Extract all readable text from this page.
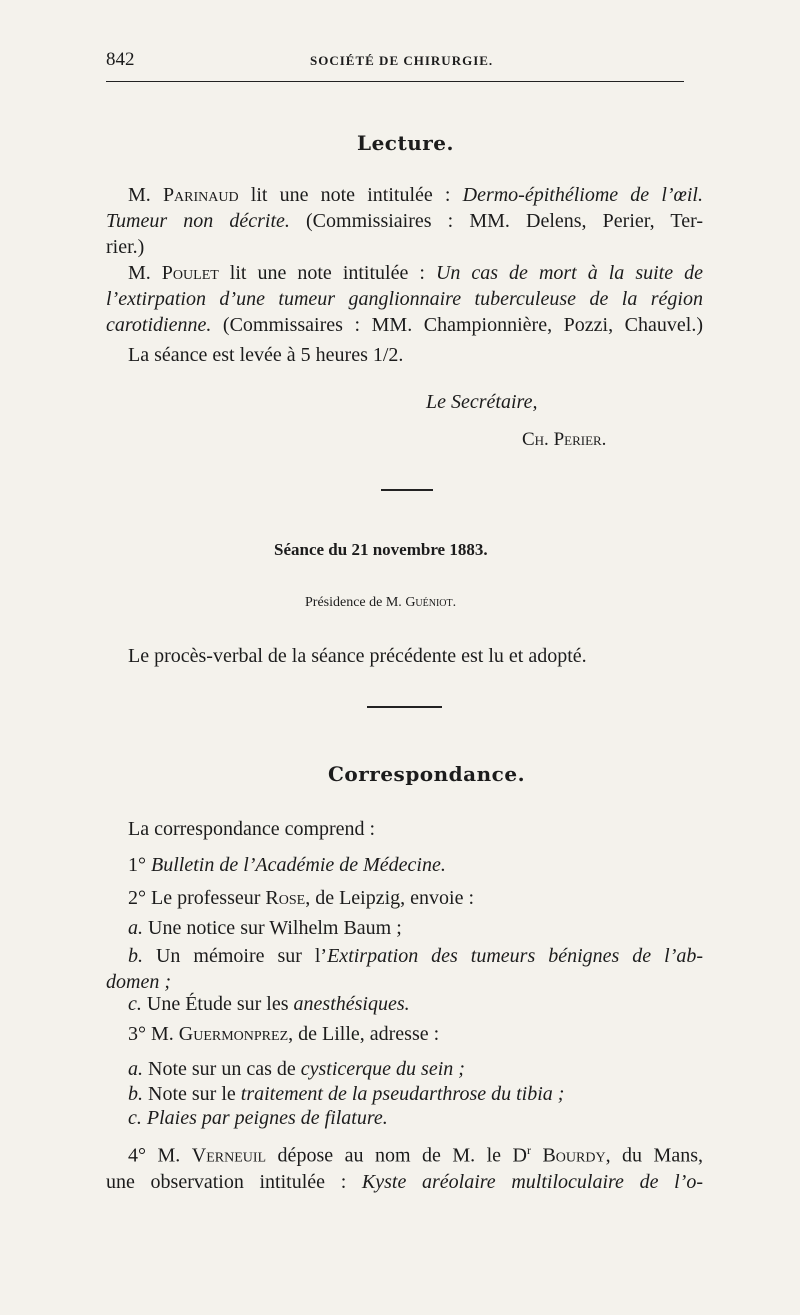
842	SOCIÉTÉ DE CHIRURGIE.
Lecture.
M. Parinaud lit une note intitulée : Dermo-épithéliome de l’œil.
Tumeur non décrite. (Commissiaires : MM. Delens, Perier, Ter-
rier.)
M. Poulet lit une note intitulée : Un cas de mort à la suite de
l’extirpation d’une tumeur ganglionnaire tuberculeuse de la région
carotidienne. (Commissaires : MM. Championnière, Pozzi, Chauvel.)
La séance est levée à 5 heures 1/2.
Le Secrétaire,
Ch. Perier.
Séance du 21 novembre 1883.
Présidence de M. Guéniot.
Le procès-verbal de la séance précédente est lu et adopté.
Correspondance.
La correspondance comprend :
1° Bulletin de l’Académie de Médecine.
2° Le professeur Rose, de Leipzig, envoie :
a. Une notice sur Wilhelm Baum ;
b. Un mémoire sur l’Extirpation des tumeurs bénignes de l’ab-
domen ;
c. Une Étude sur les anesthésiques.
3° M. Guermonprez, de Lille, adresse :
a. Note sur un cas de cysticerque du sein ;
b. Note sur le traitement de la pseudarthrose du tibia ;
c. Plaies par peignes de filature.
4° M. Verneuil dépose au nom de M. le $D^r$ Bourdy, du Mans,
une observation intitulée : Kyste aréolaire multiloculaire de l’o-
